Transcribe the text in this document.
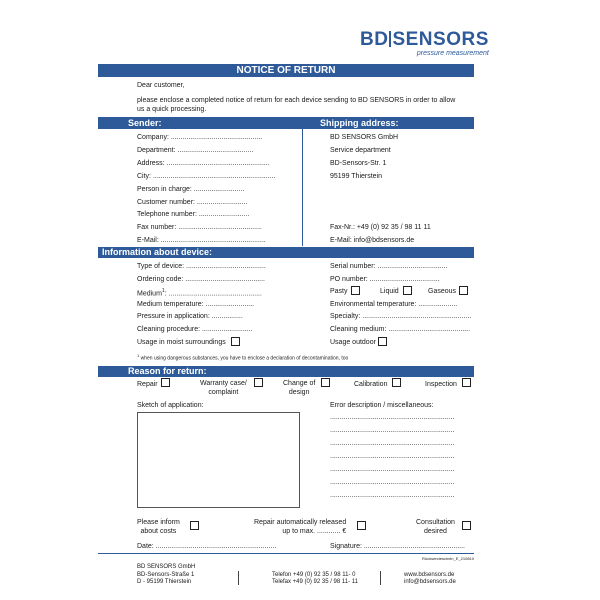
BD SENSORS
pressure measurement
NOTICE OF RETURN
Dear customer,
please enclose a completed notice of return for each device sending to BD SENSORS in order to allow
us a quick processing.
Sender:	Shipping address:
Company: ...............................................
Department: .......................................
Address: .....................................................
City: ...............................................................
Person in charge: ..........................
Customer number: ..........................
Telephone number: ..........................
Fax number: ...........................................
E-Mail: ......................................................
BD SENSORS GmbH
Service department
BD-Sensors-Str. 1
95199 Thierstein
Fax-Nr.: +49 (0) 92 35 / 98 11 11
E-Mail: info@bdsensors.de
Information about device:
Type of device: .........................................
Ordering code: .........................................
Medium$^1$: ................................................
Medium temperature: .........................
Pressure in application: ................
Cleaning procedure: ..........................
Usage in moist surroundings
Serial number: ....................................
PO number: ....................................
Pasty	Liquid	Gaseous
Environmental temperature: ....................
Specialty: ........................................................
Cleaning medium: ..........................................
Usage outdoor
$^1$ when using dangerous substances, you have to enclose a declaration of decontamination, too
Reason for return:
Repair	Warranty case/
complaint
Change of
design
Calibration	Inspection
Sketch of application:	Error description / miscellaneous:
................................................................
................................................................
................................................................
................................................................
................................................................
................................................................
................................................................
Please inform
about costs
Repair automatically released
up to max. ............ €
Consultation
desired
Date: ..............................................................	Signature: ....................................................
Rücksendeschein_E_210810
BD SENSORS GmbH
BD-Sensors-Straße 1
D - 95199 Thierstein
Telefon +49 (0) 92 35 / 98 11- 0
Telefax +49 (0) 92 35 / 98 11- 11
www.bdsensors.de
info@bdsensors.de
